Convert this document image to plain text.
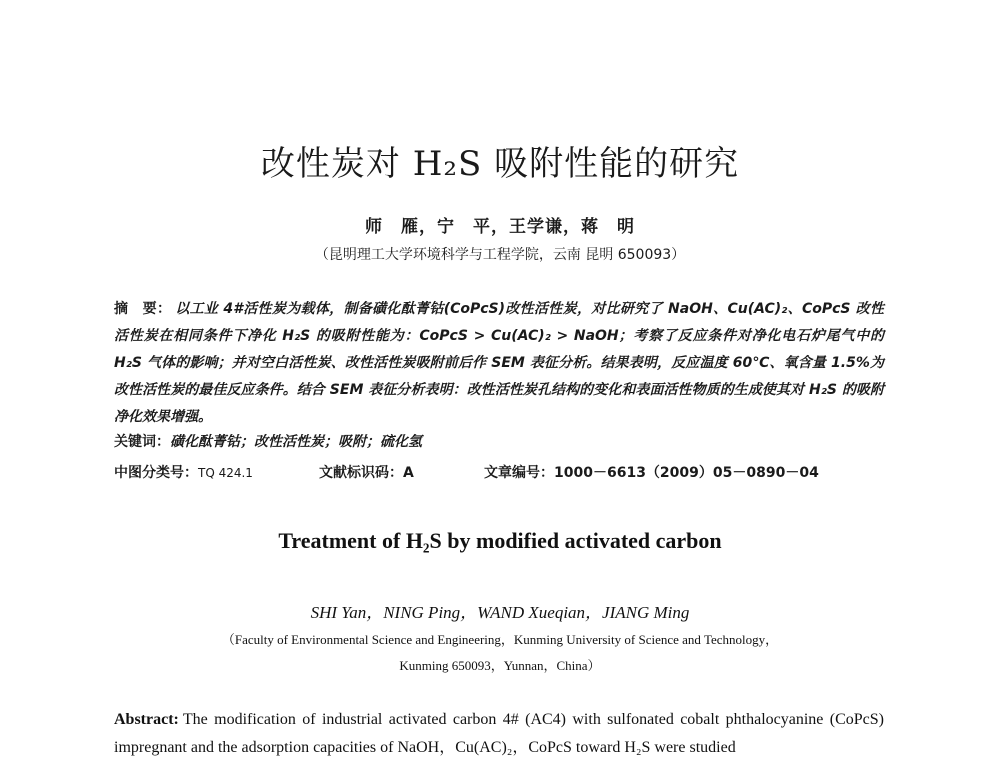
改性炭对 H₂S 吸附性能的研究
师　雁，宁　平，王学谦，蒋　明
（昆明理工大学环境科学与工程学院，云南 昆明 650093）
摘　要： 以工业 4#活性炭为载体，制备磺化酞菁钴(CoPcS)改性活性炭，对比研究了 NaOH、Cu(AC)₂、CoPcS 改性活性炭在相同条件下净化 H₂S 的吸附性能为：CoPcS > Cu(AC)₂ > NaOH；考察了反应条件对净化电石炉尾气中的 H₂S 气体的影响；并对空白活性炭、改性活性炭吸附前后作 SEM 表征分析。结果表明，反应温度 60℃、氧含量 1.5%为改性活性炭的最佳反应条件。结合 SEM 表征分析表明：改性活性炭孔结构的变化和表面活性物质的生成使其对 H₂S 的吸附净化效果增强。
关键词：磺化酞菁钴；改性活性炭；吸附；硫化氢
中图分类号：TQ 424.1	文献标识码：A	文章编号：1000－6613（2009）05－0890－04
Treatment of H₂S by modified activated carbon
SHI Yan，NING Ping，WAND Xueqian，JIANG Ming
（Faculty of Environmental Science and Engineering，Kunming University of Science and Technology，
Kunming 650093，Yunnan，China）
Abstract: The modification of industrial activated carbon 4# (AC4) with sulfonated cobalt phthalocyanine (CoPcS) impregnant and the adsorption capacities of NaOH，Cu(AC)₂，CoPcS toward H₂S were studied
